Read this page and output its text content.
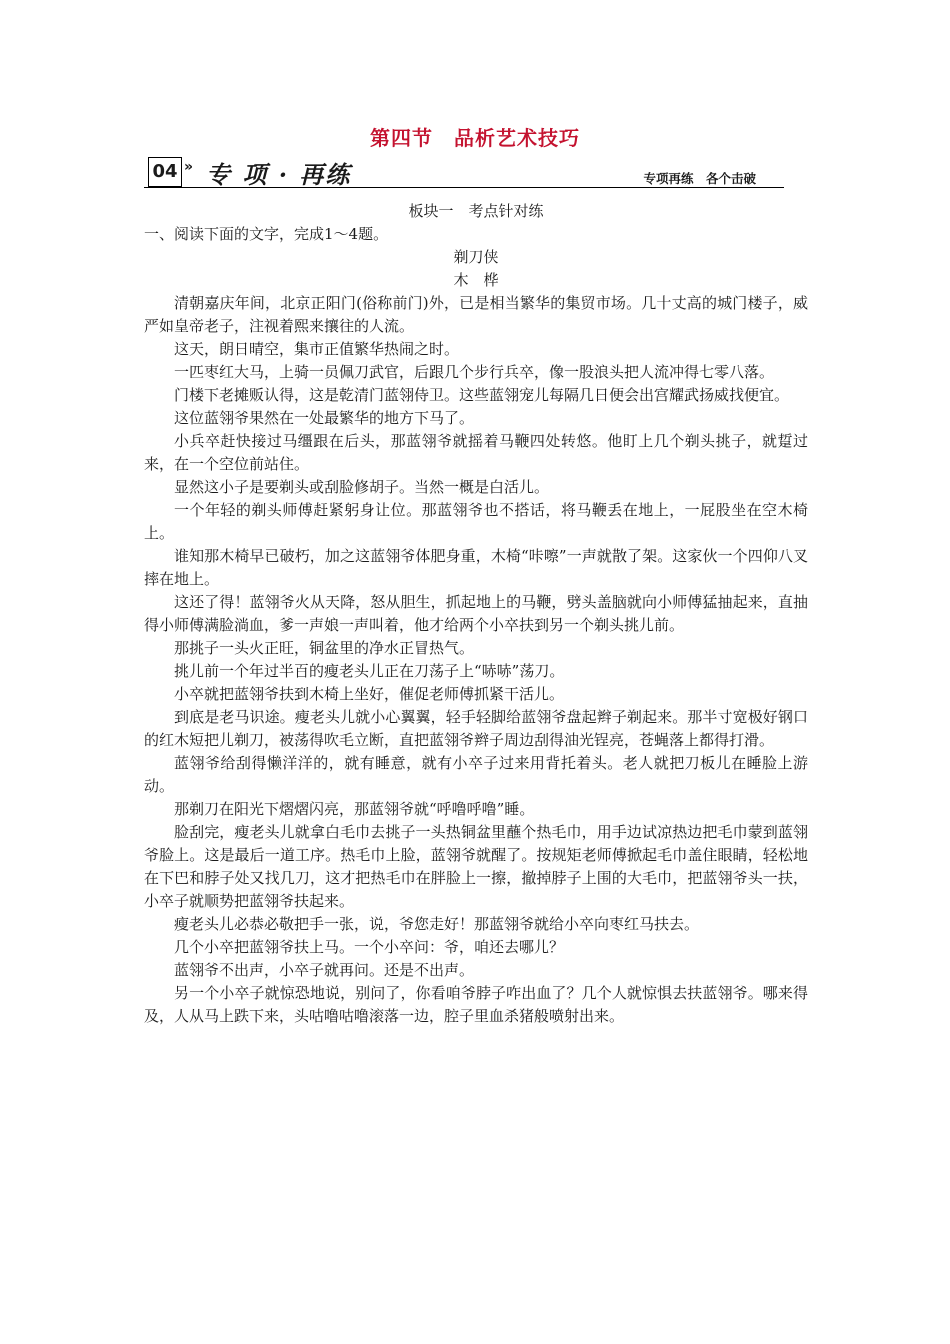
第四节　品析艺术技巧
04 » 专 项 · 再练	专项再练　各个击破

板块一　考点针对练

一、阅读下面的文字，完成1～4题。

剃刀侠

木　桦

清朝嘉庆年间，北京正阳门(俗称前门)外，已是相当繁华的集贸市场。几十丈高的城门楼子，威严如皇帝老子，注视着熙来攘往的人流。

这天，朗日晴空，集市正值繁华热闹之时。

一匹枣红大马，上骑一员佩刀武官，后跟几个步行兵卒，像一股浪头把人流冲得七零八落。

门楼下老摊贩认得，这是乾清门蓝翎侍卫。这些蓝翎宠儿每隔几日便会出宫耀武扬威找便宜。

这位蓝翎爷果然在一处最繁华的地方下马了。

小兵卒赶快接过马缰跟在后头，那蓝翎爷就摇着马鞭四处转悠。他盯上几个剃头挑子，就踅过来，在一个空位前站住。

显然这小子是要剃头或刮脸修胡子。当然一概是白活儿。

一个年轻的剃头师傅赶紧躬身让位。那蓝翎爷也不搭话，将马鞭丢在地上，一屁股坐在空木椅上。

谁知那木椅早已破朽，加之这蓝翎爷体肥身重，木椅“咔嚓”一声就散了架。这家伙一个四仰八叉摔在地上。

这还了得！蓝翎爷火从天降，怒从胆生，抓起地上的马鞭，劈头盖脑就向小师傅猛抽起来，直抽得小师傅满脸淌血，爹一声娘一声叫着，他才给两个小卒扶到另一个剃头挑儿前。

那挑子一头火正旺，铜盆里的净水正冒热气。

挑儿前一个年过半百的瘦老头儿正在刀荡子上“哧哧”荡刀。

小卒就把蓝翎爷扶到木椅上坐好，催促老师傅抓紧干活儿。

到底是老马识途。瘦老头儿就小心翼翼，轻手轻脚给蓝翎爷盘起辫子剃起来。那半寸宽极好钢口的红木短把儿剃刀，被荡得吹毛立断，直把蓝翎爷辫子周边刮得油光锃亮，苍蝇落上都得打滑。

蓝翎爷给刮得懒洋洋的，就有睡意，就有小卒子过来用背托着头。老人就把刀板儿在睡脸上游动。

那剃刀在阳光下熠熠闪亮，那蓝翎爷就“呼噜呼噜”睡。

脸刮完，瘦老头儿就拿白毛巾去挑子一头热铜盆里蘸个热毛巾，用手边试凉热边把毛巾蒙到蓝翎爷脸上。这是最后一道工序。热毛巾上脸，蓝翎爷就醒了。按规矩老师傅掀起毛巾盖住眼睛，轻松地在下巴和脖子处又找几刀，这才把热毛巾在胖脸上一擦，撤掉脖子上围的大毛巾，把蓝翎爷头一扶，小卒子就顺势把蓝翎爷扶起来。

瘦老头儿必恭必敬把手一张，说，爷您走好！那蓝翎爷就给小卒向枣红马扶去。

几个小卒把蓝翎爷扶上马。一个小卒问：爷，咱还去哪儿？

蓝翎爷不出声，小卒子就再问。还是不出声。

另一个小卒子就惊恐地说，别问了，你看咱爷脖子咋出血了？几个人就惊惧去扶蓝翎爷。哪来得及，人从马上跌下来，头咕噜咕噜滚落一边，腔子里血杀猪般喷射出来。
